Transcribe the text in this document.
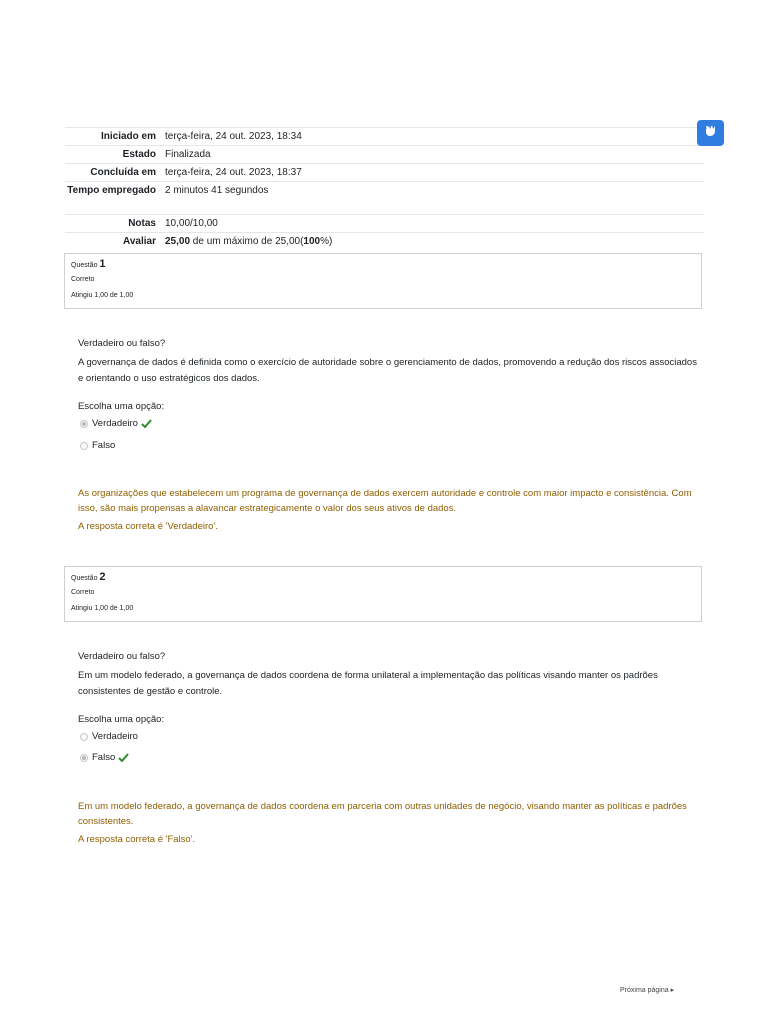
Iniciado em terça-feira, 24 out. 2023, 18:34
Estado Finalizada
Concluída em terça-feira, 24 out. 2023, 18:37
Tempo empregado 2 minutos 41 segundos
Notas 10,00/10,00
Avaliar 25,00 de um máximo de 25,00(100%)
Questão 1
Correto
Atingiu 1,00 de 1,00
Verdadeiro ou falso?
A governança de dados é definida como o exercício de autoridade sobre o gerenciamento de dados, promovendo a redução dos riscos associados e orientando o uso estratégicos dos dados.
Escolha uma opção:
Verdadeiro
Falso
As organizações que estabelecem um programa de governança de dados exercem autoridade e controle com maior impacto e consistência. Com isso, são mais propensas a alavancar estrategicamente o valor dos seus ativos de dados.
A resposta correta é 'Verdadeiro'.
Questão 2
Correto
Atingiu 1,00 de 1,00
Verdadeiro ou falso?
Em um modelo federado, a governança de dados coordena de forma unilateral a implementação das políticas visando manter os padrões consistentes de gestão e controle.
Escolha uma opção:
Verdadeiro
Falso
Em um modelo federado, a governança de dados coordena em parceria com outras unidades de negócio, visando manter as políticas e padrões consistentes.
A resposta correta é 'Falso'.
Próxima página ▸
